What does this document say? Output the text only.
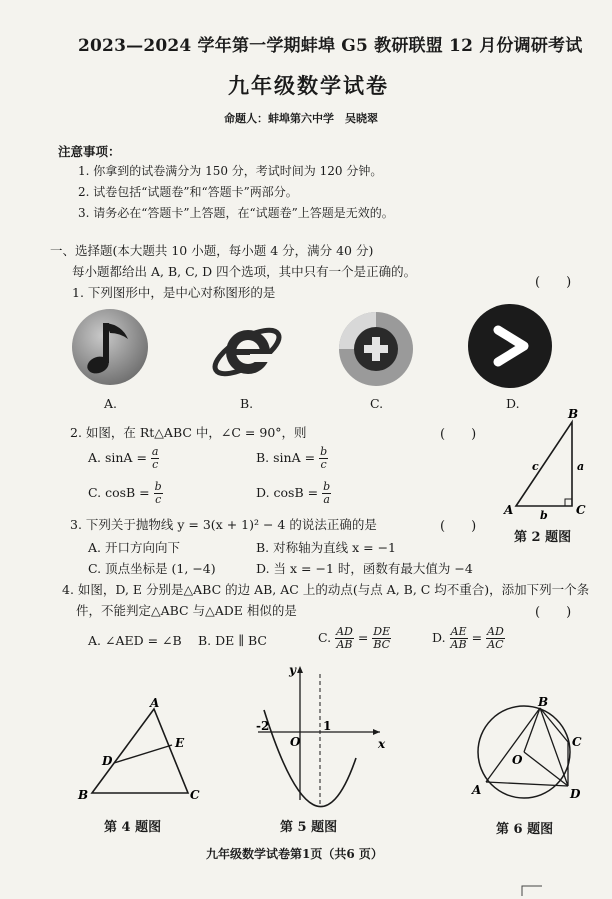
2023—2024 学年第一学期蚌埠 G5 教研联盟 12 月份调研考试
九年级数学试卷
命题人：蚌埠第六中学　吴晓翠
注意事项：
1. 你拿到的试卷满分为 150 分，考试时间为 120 分钟。
2. 试卷包括“试题卷”和“答题卡”两部分。
3. 请务必在“答题卡”上答题，在“试题卷”上答题是无效的。
一、选择题(本大题共 10 小题，每小题 4 分，满分 40 分)
每小题都给出 A, B, C, D 四个选项，其中只有一个是正确的。
1. 下列图形中，是中心对称图形的是
(　　)
A.	B.	C.	D.
2. 如图，在 Rt△ABC 中，∠C = 90°，则	(　　)
A. $\sin A = \frac{a}{c}$	B. $\sin A = \frac{b}{c}$
C. $\cos B = \frac{b}{c}$	D. $\cos B = \frac{b}{a}$
A
B
C
a
b
c
第 2 题图
3. 下列关于抛物线 y = 3(x + 1)² − 4 的说法正确的是	(　　)
A. 开口方向向下	B. 对称轴为直线 x = −1
C. 顶点坐标是 (1, −4)	D. 当 x = −1 时，函数有最大值为 −4
4. 如图，D, E 分别是△ABC 的边 AB, AC 上的动点(与点 A, B, C 均不重合)，添加下列一个条
件，不能判定△ABC 与△ADE 相似的是	(　　)
A. ∠AED = ∠B B. DE ∥ BC	C. $\frac{AD}{AB} = \frac{DE}{BC}$	D. $\frac{AE}{AB} = \frac{AD}{AC}$
A
B	C
D
E
第 4 题图
x
y
O
-2	1
第 5 题图
B
C
D
A
O
第 6 题图
九年级数学试卷第1页（共6 页）
